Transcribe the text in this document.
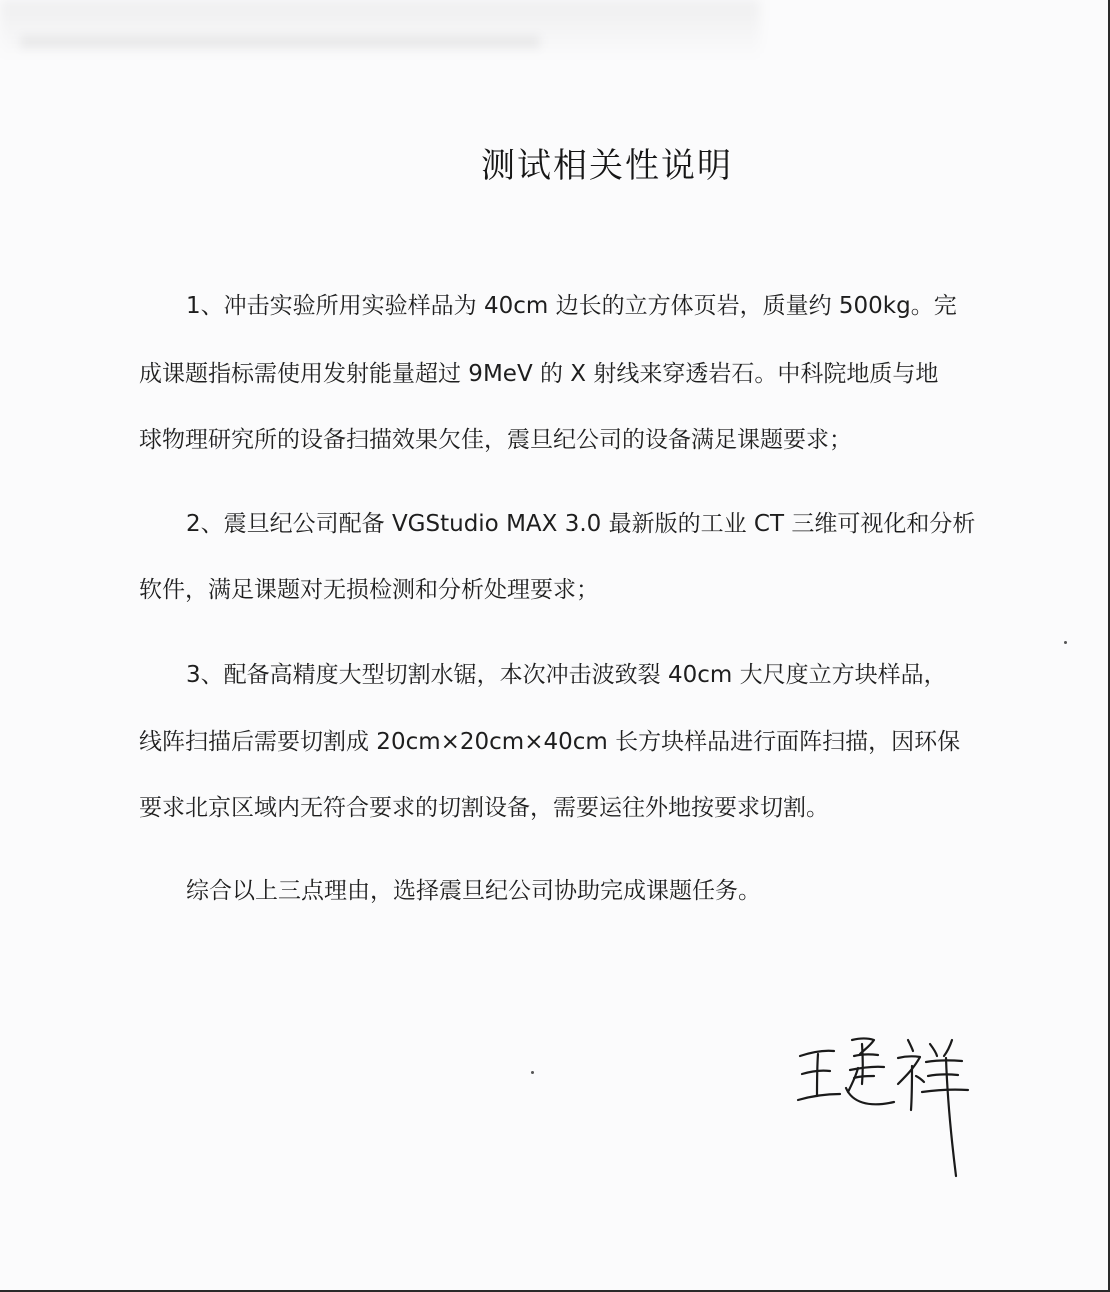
测试相关性说明
1、冲击实验所用实验样品为 40cm 边长的立方体页岩，质量约 500kg。完
成课题指标需使用发射能量超过 9MeV 的 X 射线来穿透岩石。中科院地质与地
球物理研究所的设备扫描效果欠佳，震旦纪公司的设备满足课题要求；
2、震旦纪公司配备 VGStudio MAX 3.0 最新版的工业 CT 三维可视化和分析
软件，满足课题对无损检测和分析处理要求；
3、配备高精度大型切割水锯，本次冲击波致裂 40cm 大尺度立方块样品，
线阵扫描后需要切割成 20cm×20cm×40cm 长方块样品进行面阵扫描，因环保
要求北京区域内无符合要求的切割设备，需要运往外地按要求切割。
综合以上三点理由，选择震旦纪公司协助完成课题任务。
